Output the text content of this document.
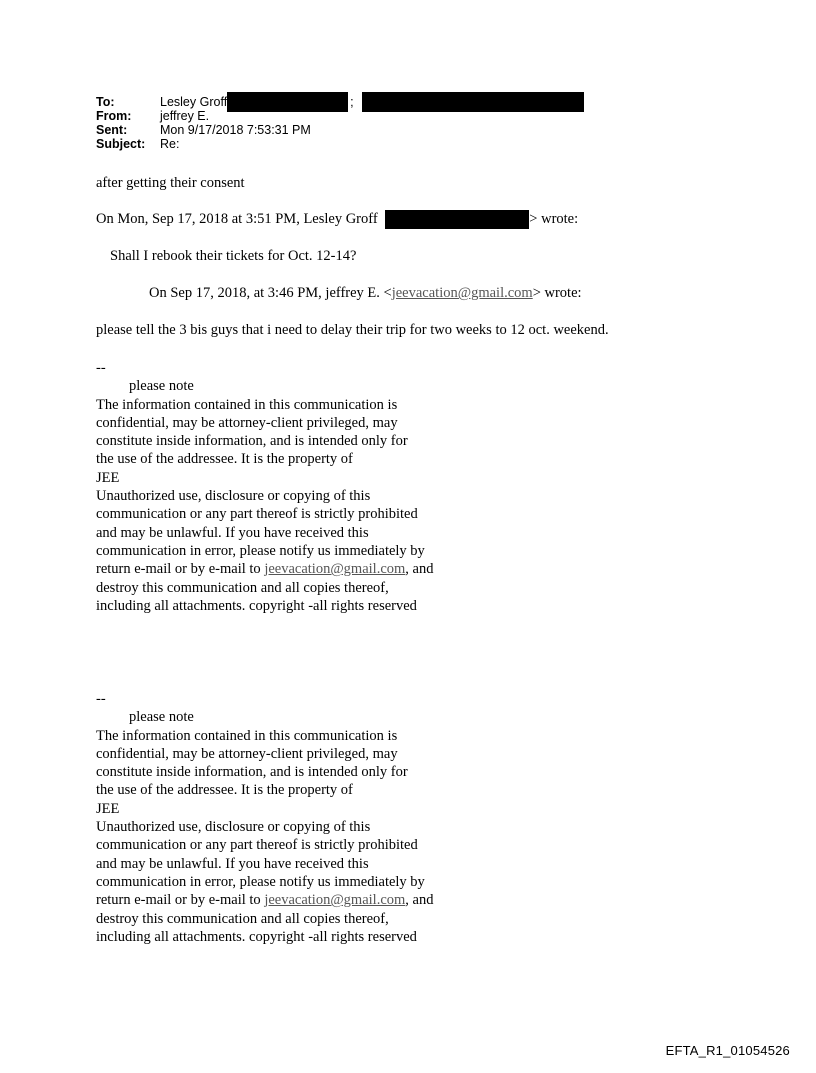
To:	Lesley Groff	;
From:	jeffrey E.
Sent:	Mon 9/17/2018 7:53:31 PM
Subject:	Re:
after getting their consent
On Mon, Sep 17, 2018 at 3:51 PM, Lesley Groff	> wrote:
Shall I rebook their tickets for Oct. 12-14?
On Sep 17, 2018, at 3:46 PM, jeffrey E. <jeevacation@gmail.com> wrote:
please tell the 3 bis guys that i need to delay their trip for two weeks to 12 oct. weekend.
--
please note
The information contained in this communication is
confidential, may be attorney-client privileged, may
constitute inside information, and is intended only for
the use of the addressee. It is the property of
JEE
Unauthorized use, disclosure or copying of this
communication or any part thereof is strictly prohibited
and may be unlawful. If you have received this
communication in error, please notify us immediately by
return e-mail or by e-mail to jeevacation@gmail.com, and
destroy this communication and all copies thereof,
including all attachments. copyright -all rights reserved
--
please note
The information contained in this communication is
confidential, may be attorney-client privileged, may
constitute inside information, and is intended only for
the use of the addressee. It is the property of
JEE
Unauthorized use, disclosure or copying of this
communication or any part thereof is strictly prohibited
and may be unlawful. If you have received this
communication in error, please notify us immediately by
return e-mail or by e-mail to jeevacation@gmail.com, and
destroy this communication and all copies thereof,
including all attachments. copyright -all rights reserved
EFTA_R1_01054526
